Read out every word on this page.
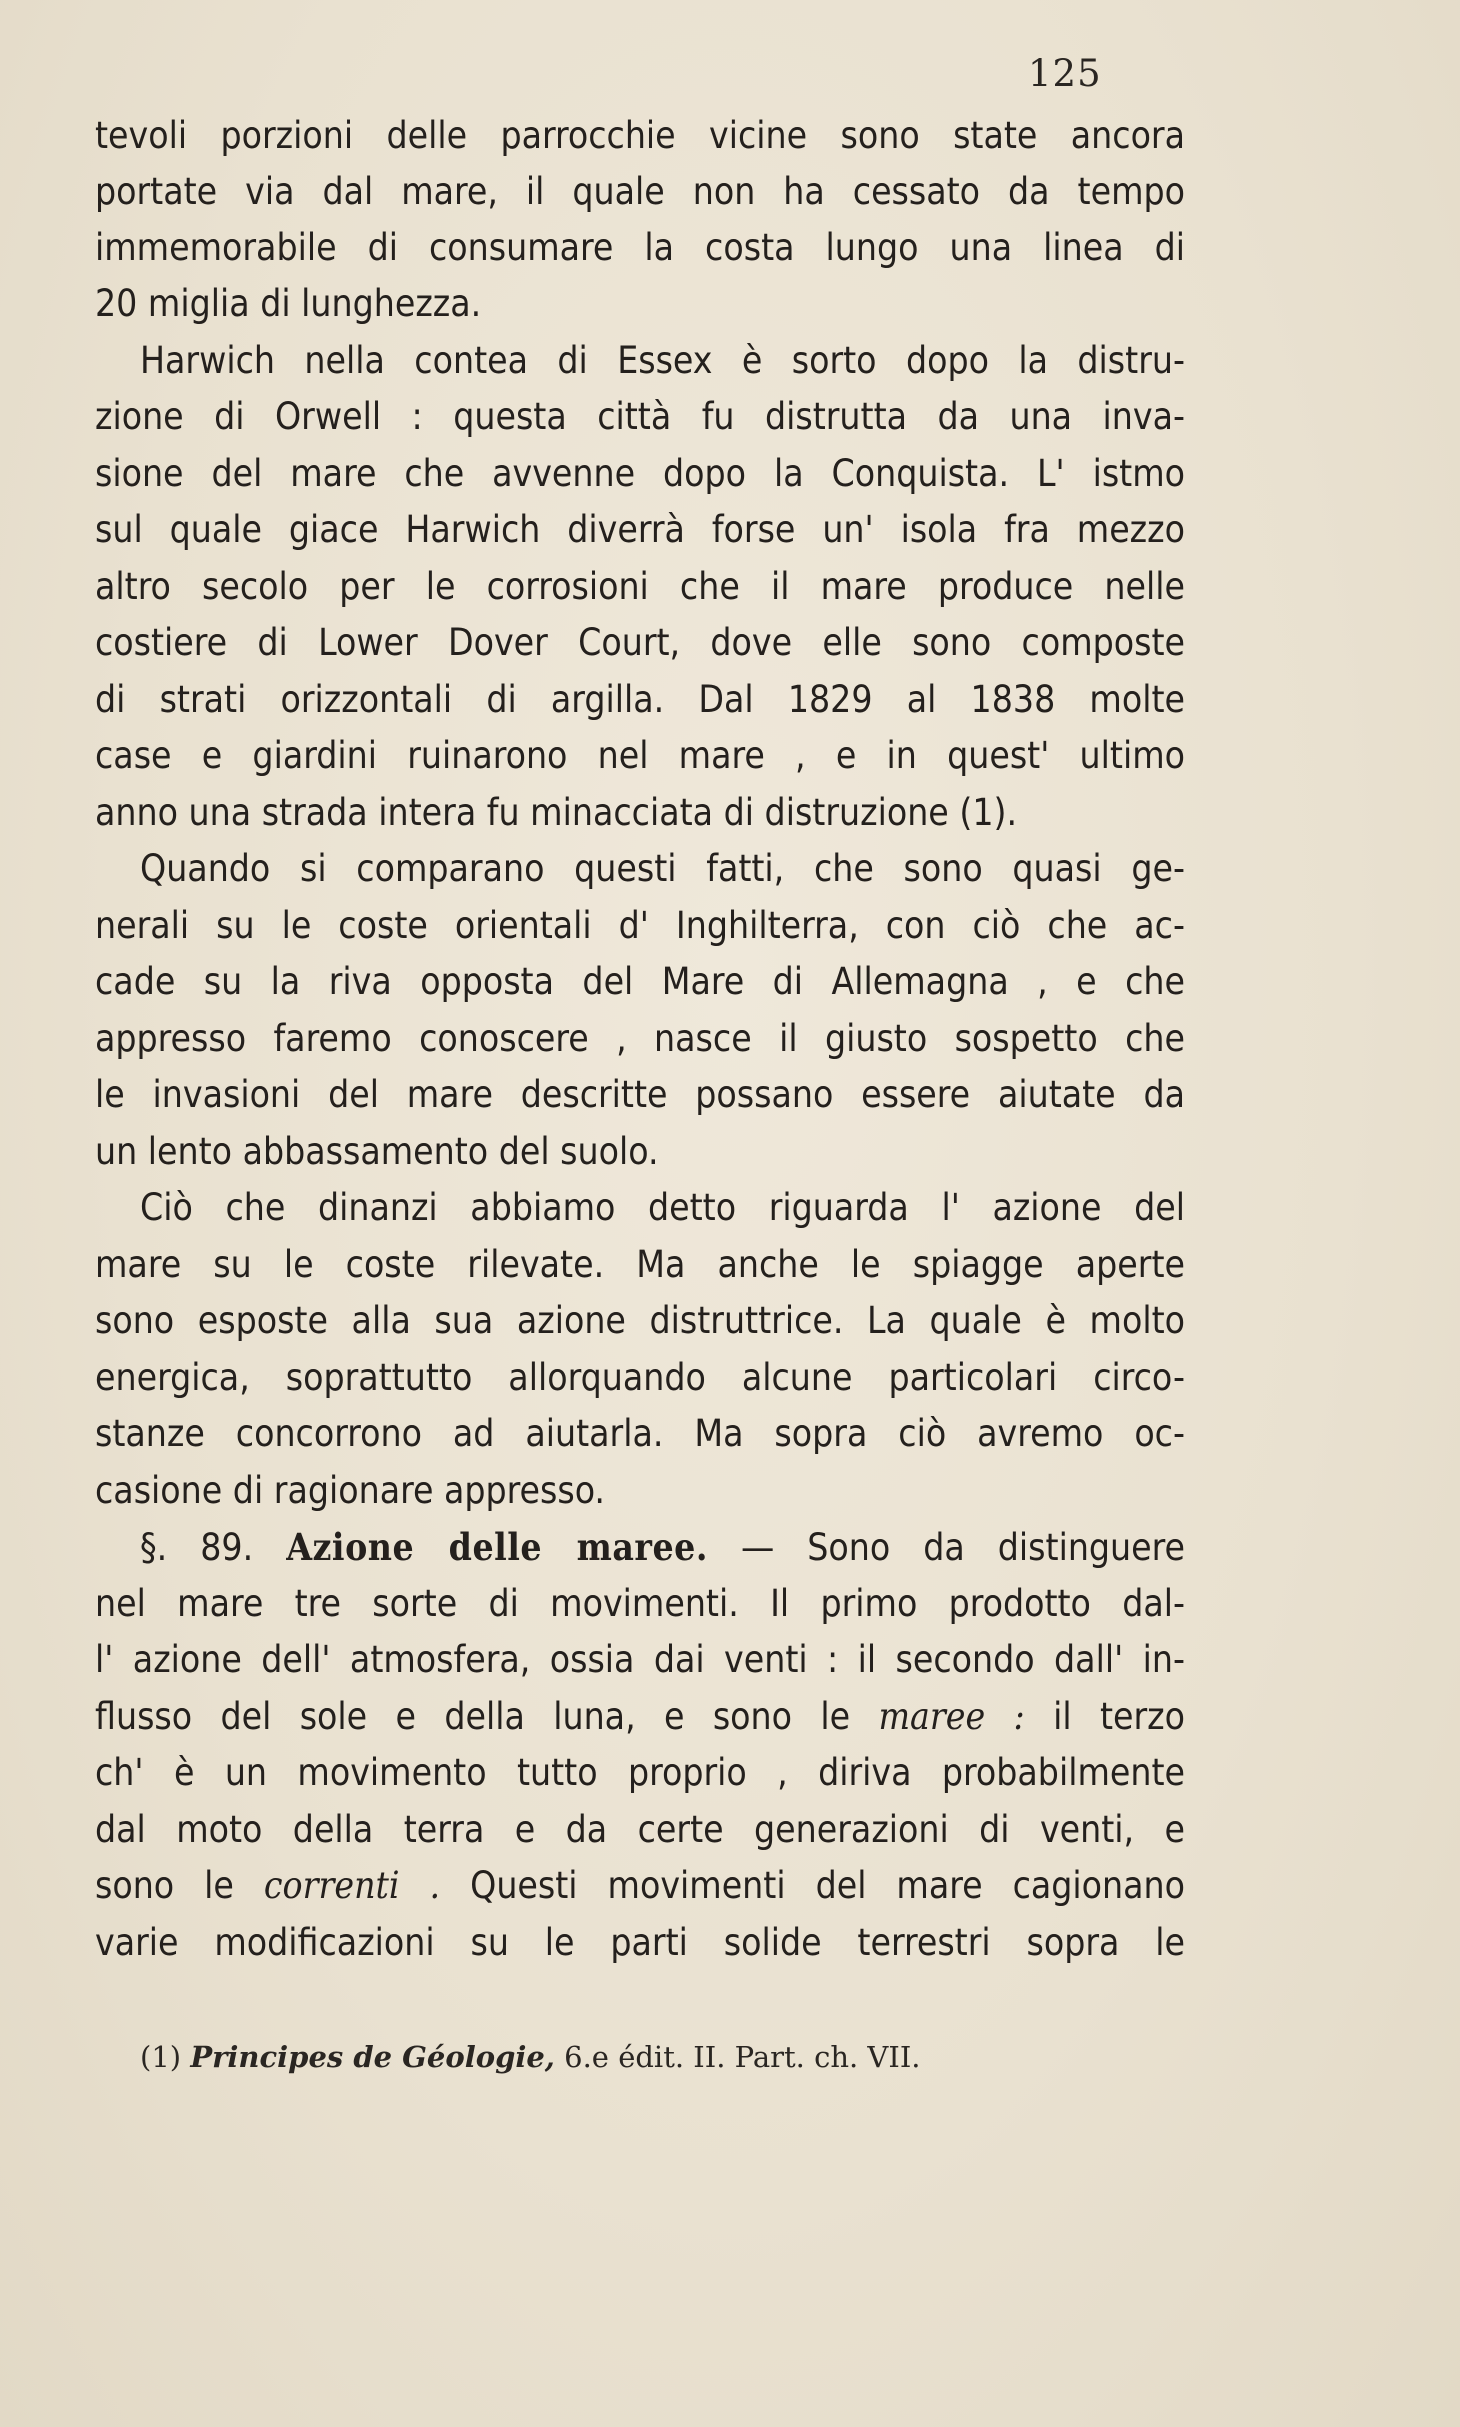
125
tevoli porzioni delle parrocchie vicine sono state ancora
portate via dal mare, il quale non ha cessato da tempo
immemorabile di consumare la costa lungo una linea di
20 miglia di lunghezza.
Harwich nella contea di Essex è sorto dopo la distru-
zione di Orwell : questa città fu distrutta da una inva-
sione del mare che avvenne dopo la Conquista. L' istmo
sul quale giace Harwich diverrà forse un' isola fra mezzo
altro secolo per le corrosioni che il mare produce nelle
costiere di Lower Dover Court, dove elle sono composte
di strati orizzontali di argilla. Dal 1829 al 1838 molte
case e giardini ruinarono nel mare , e in quest' ultimo
anno una strada intera fu minacciata di distruzione (1).
Quando si comparano questi fatti, che sono quasi ge-
nerali su le coste orientali d' Inghilterra, con ciò che ac-
cade su la riva opposta del Mare di Allemagna , e che
appresso faremo conoscere , nasce il giusto sospetto che
le invasioni del mare descritte possano essere aiutate da
un lento abbassamento del suolo.
Ciò che dinanzi abbiamo detto riguarda l' azione del
mare su le coste rilevate. Ma anche le spiagge aperte
sono esposte alla sua azione distruttrice. La quale è molto
energica, soprattutto allorquando alcune particolari circo-
stanze concorrono ad aiutarla. Ma sopra ciò avremo oc-
casione di ragionare appresso.
§. 89. Azione delle maree. — Sono da distinguere
nel mare tre sorte di movimenti. Il primo prodotto dal-
l' azione dell' atmosfera, ossia dai venti : il secondo dall' in-
flusso del sole e della luna, e sono le maree : il terzo
ch' è un movimento tutto proprio , diriva probabilmente
dal moto della terra e da certe generazioni di venti, e
sono le correnti . Questi movimenti del mare cagionano
varie modificazioni su le parti solide terrestri sopra le
(1) Principes de Géologie, 6.e édit. II. Part. ch. VII.
